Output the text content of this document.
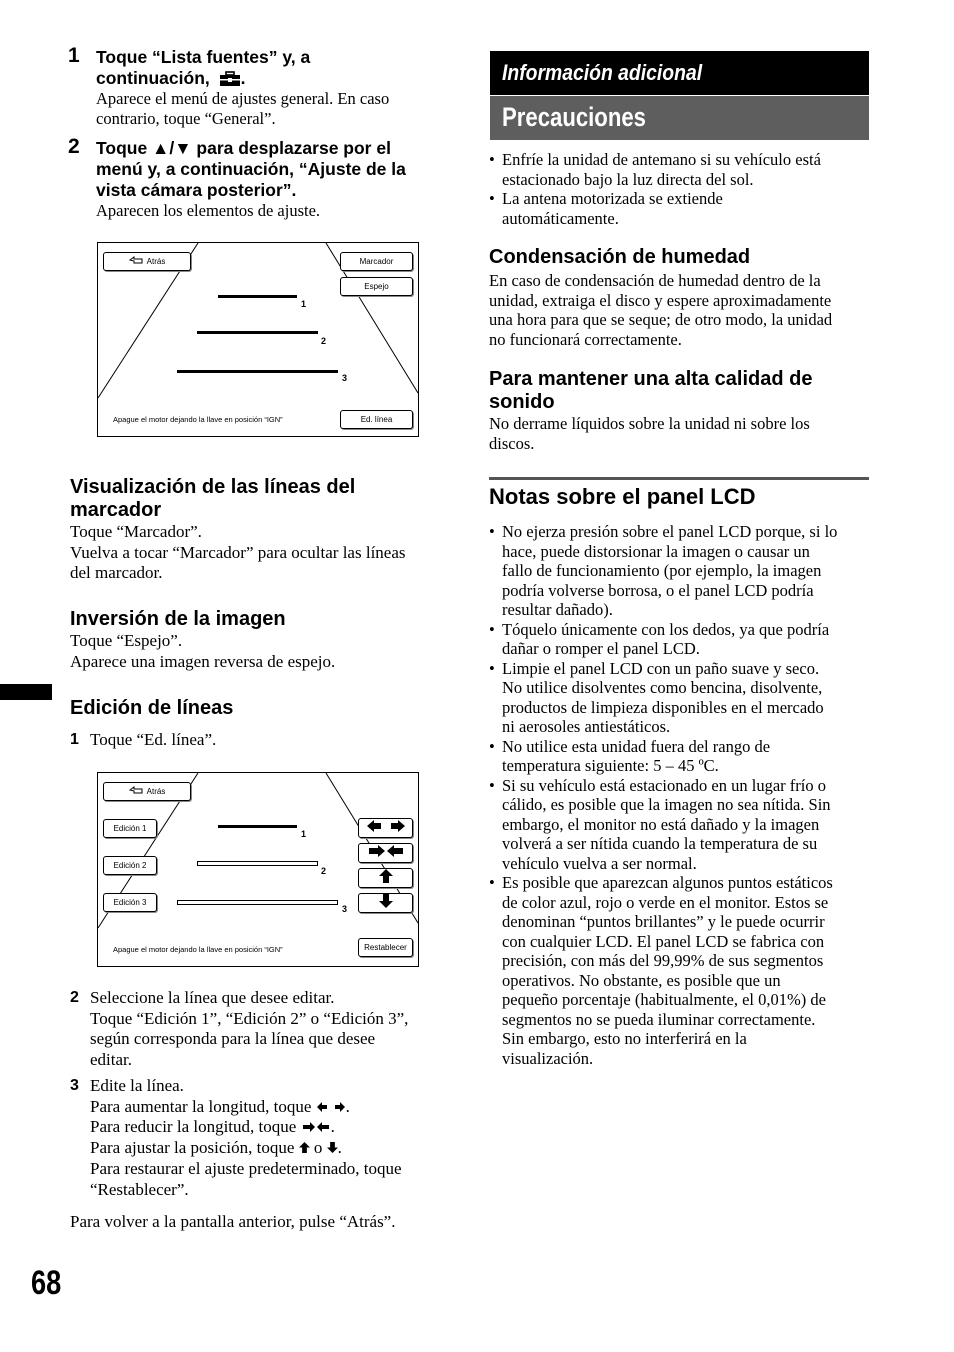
1 Toque “Lista fuentes” y, a
continuación, .
Aparece el menú de ajustes general. En caso
contrario, toque “General”.
2 Toque ▲/▼ para desplazarse por el
menú y, a continuación, “Ajuste de la
vista cámara posterior”.
Aparecen los elementos de ajuste.
Atrás	Marcador
Espejo
1
2
3
Apague el motor dejando la llave en posición “IGN”	Ed. línea
Visualización de las líneas del
marcador
Toque “Marcador”.
Vuelva a tocar “Marcador” para ocultar las líneas
del marcador.
Inversión de la imagen
Toque “Espejo”.
Aparece una imagen reversa de espejo.
Edición de líneas
1 Toque “Ed. línea”.
Atrás
Edición 1
Edición 2
Edición 3
1
2
3
Apague el motor dejando la llave en posición “IGN”	Restablecer
2 Seleccione la línea que desee editar.
Toque “Edición 1”, “Edición 2” o “Edición 3”,
según corresponda para la línea que desee
editar.
3 Edite la línea.
Para aumentar la longitud, toque .
Para reducir la longitud, toque .
Para ajustar la posición, toque o .
Para restaurar el ajuste predeterminado, toque
“Restablecer”.
Para volver a la pantalla anterior, pulse “Atrás”.
68
Información adicional
Precauciones
• Enfríe la unidad de antemano si su vehículo está
estacionado bajo la luz directa del sol.
• La antena motorizada se extiende
automáticamente.
Condensación de humedad
En caso de condensación de humedad dentro de la
unidad, extraiga el disco y espere aproximadamente
una hora para que se seque; de otro modo, la unidad
no funcionará correctamente.
Para mantener una alta calidad de
sonido
No derrame líquidos sobre la unidad ni sobre los
discos.
Notas sobre el panel LCD
• No ejerza presión sobre el panel LCD porque, si lo
hace, puede distorsionar la imagen o causar un
fallo de funcionamiento (por ejemplo, la imagen
podría volverse borrosa, o el panel LCD podría
resultar dañado).
• Tóquelo únicamente con los dedos, ya que podría
dañar o romper el panel LCD.
• Limpie el panel LCD con un paño suave y seco.
No utilice disolventes como bencina, disolvente,
productos de limpieza disponibles en el mercado
ni aerosoles antiestáticos.
• No utilice esta unidad fuera del rango de
temperatura siguiente: 5 – 45 ºC.
• Si su vehículo está estacionado en un lugar frío o
cálido, es posible que la imagen no sea nítida. Sin
embargo, el monitor no está dañado y la imagen
volverá a ser nítida cuando la temperatura de su
vehículo vuelva a ser normal.
• Es posible que aparezcan algunos puntos estáticos
de color azul, rojo o verde en el monitor. Estos se
denominan “puntos brillantes” y le puede ocurrir
con cualquier LCD. El panel LCD se fabrica con
precisión, con más del 99,99% de sus segmentos
operativos. No obstante, es posible que un
pequeño porcentaje (habitualmente, el 0,01%) de
segmentos no se pueda iluminar correctamente.
Sin embargo, esto no interferirá en la
visualización.
